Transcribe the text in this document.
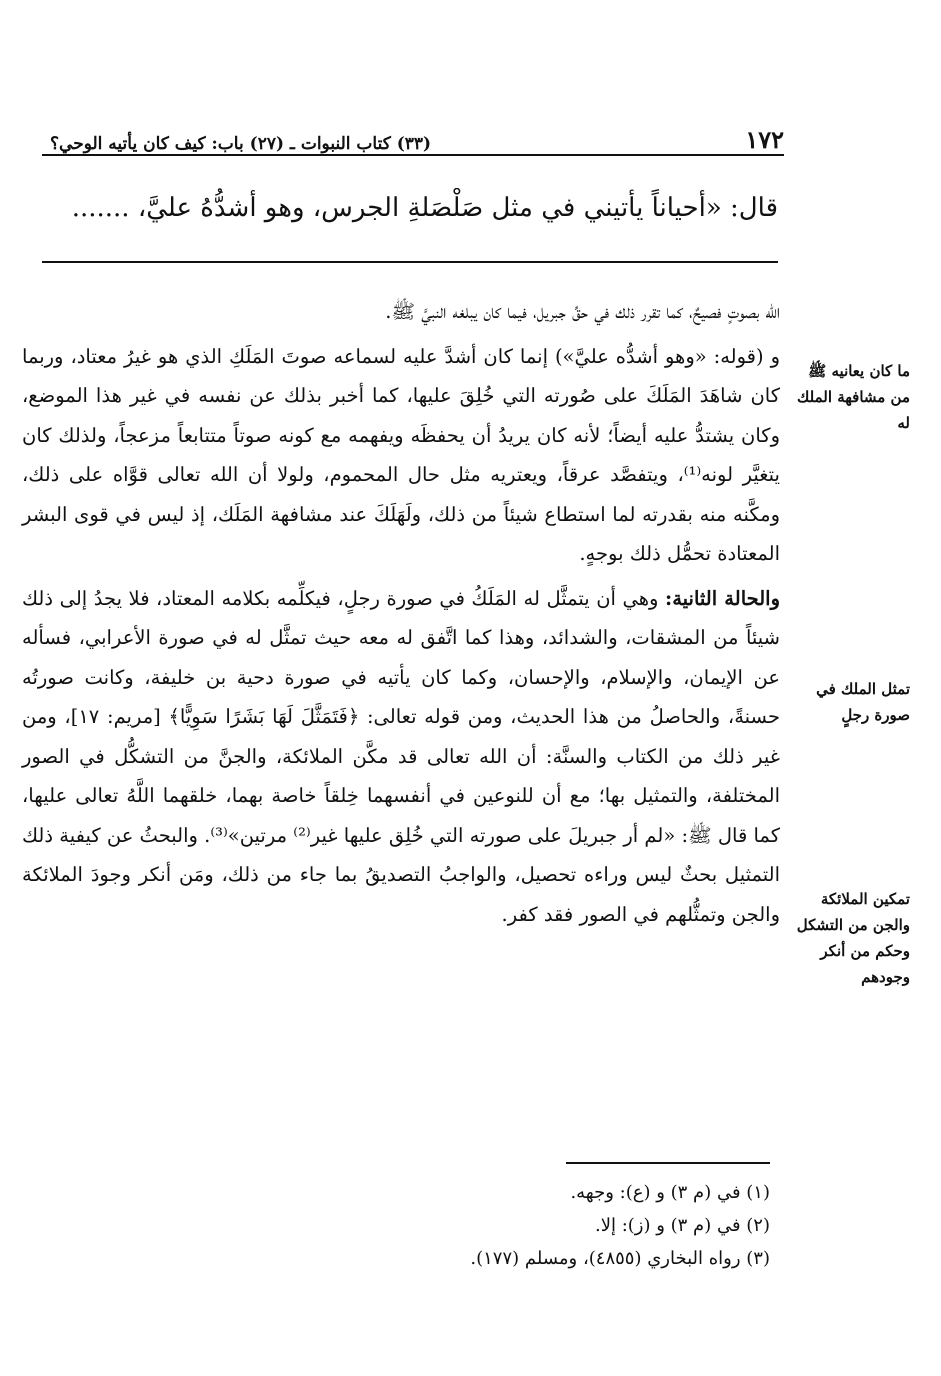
١٧٢
(٣٣) كتاب النبوات ـ (٢٧) باب: كيف كان يأتيه الوحي؟
قال: «أحياناً يأتيني في مثل صَلْصَلةِ الجرس، وهو أشدُّهُ عليَّ، .......

الله بصوتٍ فصيحٌ، كما تقرر ذلك في حقِّ جبريل، فيما كان يبلغه النبيَّ ﷺ.

و (قوله: «وهو أشدُّه عليَّ») إنما كان أشدَّ عليه لسماعه صوتَ المَلَكِ الذي هو غيرُ معتاد، وربما كان شاهَدَ المَلَكَ على صُورته التي خُلِقَ عليها، كما أخبر بذلك عن نفسه في غير هذا الموضع، وكان يشتدُّ عليه أيضاً؛ لأنه كان يريدُ أن يحفظَه ويفهمه مع كونه صوتاً متتابعاً مزعجاً، ولذلك كان يتغيَّر لونه⁽¹⁾، ويتفصَّد عرقاً، ويعتريه مثل حال المحموم، ولولا أن الله تعالى قوَّاه على ذلك، ومكَّنه منه بقدرته لما استطاع شيئاً من ذلك، ولَهَلَكَ عند مشافهة المَلَك، إذ ليس في قوى البشر المعتادة تحمُّل ذلك بوجهٍ.

والحالة الثانية: وهي أن يتمثَّل له المَلَكُ في صورة رجلٍ، فيكلِّمه بكلامه المعتاد، فلا يجدُ إلى ذلك شيئاً من المشقات، والشدائد، وهذا كما اتَّفق له معه حيث تمثَّل له في صورة الأعرابي، فسأله عن الإيمان، والإسلام، والإحسان، وكما كان يأتيه في صورة دحية بن خليفة، وكانت صورتُه حسنةً، والحاصلُ من هذا الحديث، ومن قوله تعالى: ﴿فَتَمَثَّلَ لَهَا بَشَرًا سَوِيًّا﴾ [مريم: ١٧]، ومن غير ذلك من الكتاب والسنَّة: أن الله تعالى قد مكَّن الملائكة، والجنَّ من التشكُّل في الصور المختلفة، والتمثيل بها؛ مع أن للنوعين في أنفسهما خِلقاً خاصة بهما، خلقهما اللَّهُ تعالى عليها، كما قال ﷺ: «لم أر جبريلَ على صورته التي خُلِق عليها غير⁽²⁾ مرتين»⁽³⁾. والبحثُ عن كيفية ذلك التمثيل بحثٌ ليس وراءه تحصيل، والواجبُ التصديقُ بما جاء من ذلك، ومَن أنكر وجودَ الملائكة والجن وتمثُّلهم في الصور فقد كفر.

ما كان يعانيه ﷺ من مشافهة الملك له
تمثل الملك في صورة رجلٍ
تمكين الملائكة والجن من التشكل وحكم من أنكر وجودهم
(١) في (م ٣) و (ع): وجهه.
(٢) في (م ٣) و (ز): إلا.
(٣) رواه البخاري (٤٨٥٥)، ومسلم (١٧٧).
